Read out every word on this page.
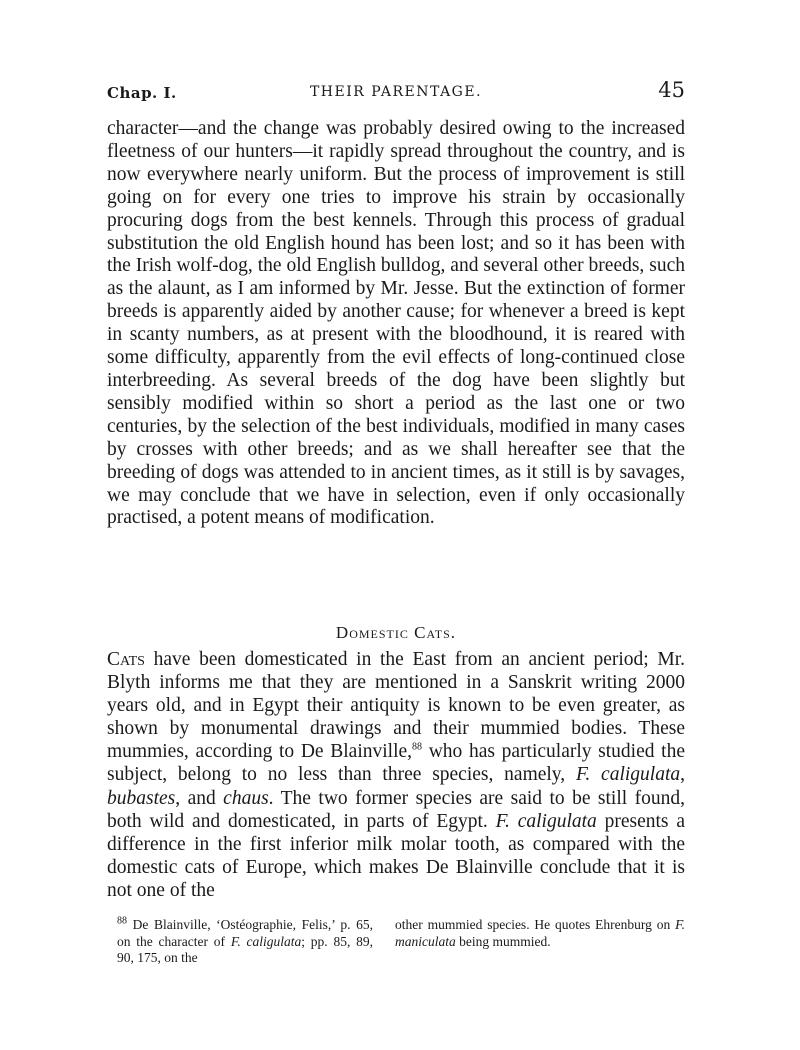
Chap. I.	THEIR PARENTAGE.	45

character—and the change was probably desired owing to the increased fleetness of our hunters—it rapidly spread throughout the country, and is now everywhere nearly uniform. But the process of improvement is still going on for every one tries to improve his strain by occasionally procuring dogs from the best kennels. Through this process of gradual substitution the old English hound has been lost; and so it has been with the Irish wolf-dog, the old English bulldog, and several other breeds, such as the alaunt, as I am informed by Mr. Jesse. But the extinction of former breeds is apparently aided by another cause; for whenever a breed is kept in scanty numbers, as at present with the bloodhound, it is reared with some difficulty, apparently from the evil effects of long-continued close interbreeding. As several breeds of the dog have been slightly but sensibly modified within so short a period as the last one or two centuries, by the selection of the best individuals, modified in many cases by crosses with other breeds; and as we shall hereafter see that the breeding of dogs was attended to in ancient times, as it still is by savages, we may conclude that we have in selection, even if only occasionally practised, a potent means of modification.

Domestic Cats.

Cats have been domesticated in the East from an ancient period; Mr. Blyth informs me that they are mentioned in a Sanskrit writing 2000 years old, and in Egypt their antiquity is known to be even greater, as shown by monumental drawings and their mummied bodies. These mummies, according to De Blainville,$^{88}$ who has particularly studied the subject, belong to no less than three species, namely, F. caligulata, bubastes, and chaus. The two former species are said to be still found, both wild and domesticated, in parts of Egypt. F. caligulata presents a difference in the first inferior milk molar tooth, as compared with the domestic cats of Europe, which makes De Blainville conclude that it is not one of the

$^{88}$ De Blainville, ‘Ostéographie, Felis,’ p. 65, on the character of F. caligulata; pp. 85, 89, 90, 175, on the

other mummied species. He quotes Ehrenburg on F. maniculata being mummied.
